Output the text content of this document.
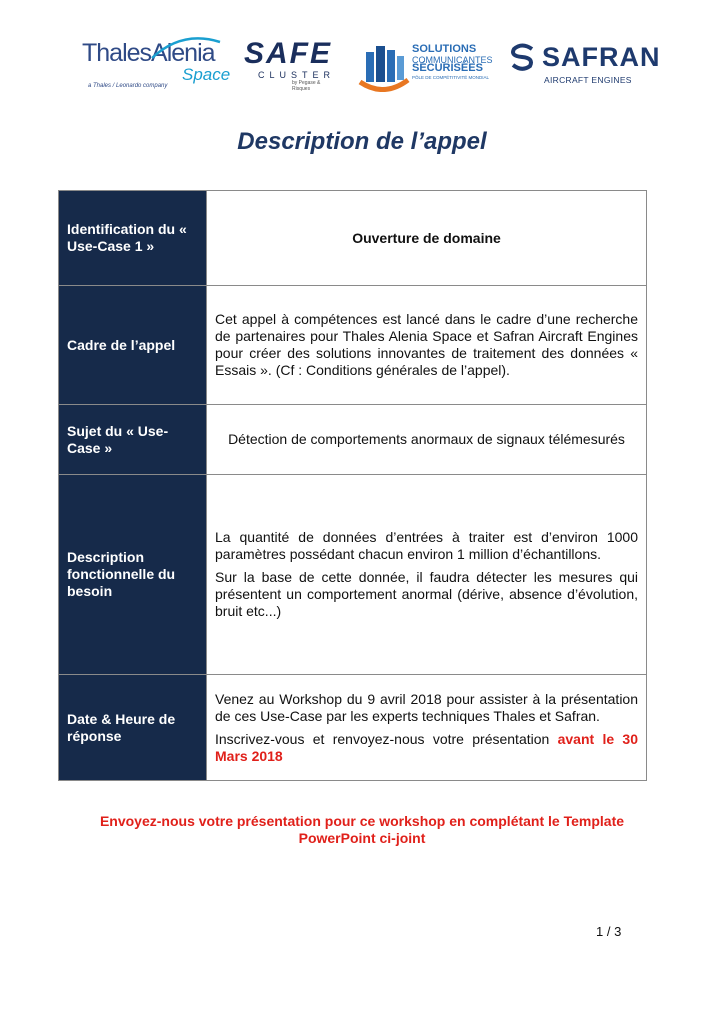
ThalesAlenia
Space
a Thales / Leonardo company
SAFE
CLUSTER
by Pegase & Risques
SOLUTIONS
COMMUNICANTES
SÉCURISÉES
PÔLE DE COMPÉTITIVITÉ MONDIAL
SAFRAN
AIRCRAFT ENGINES
Description de l’appel
Identification du « Use-Case 1 »	Ouverture de domaine
Cadre de l’appel	Cet appel à compétences est lancé dans le cadre d’une recherche de partenaires pour Thales Alenia Space et Safran Aircraft Engines pour créer des solutions innovantes de traitement des données « Essais ». (Cf : Conditions générales de l’appel).
Sujet du « Use-Case »	Détection de comportements anormaux de signaux télémesurés
Description fonctionnelle du besoin	La quantité de données d’entrées à traiter est d’environ 1000 paramètres possédant chacun environ 1 million d’échantillons.

Sur la base de cette donnée, il faudra détecter les mesures qui présentent un comportement anormal (dérive, absence d’évolution, bruit etc...)

Date & Heure de réponse	Venez au Workshop du 9 avril 2018 pour assister à la présentation de ces Use-Case par les experts techniques Thales et Safran.

Inscrivez-vous et renvoyez-nous votre présentation avant le 30 Mars 2018

Envoyez-nous votre présentation pour ce workshop en complétant le Template PowerPoint ci-joint
1 / 3
